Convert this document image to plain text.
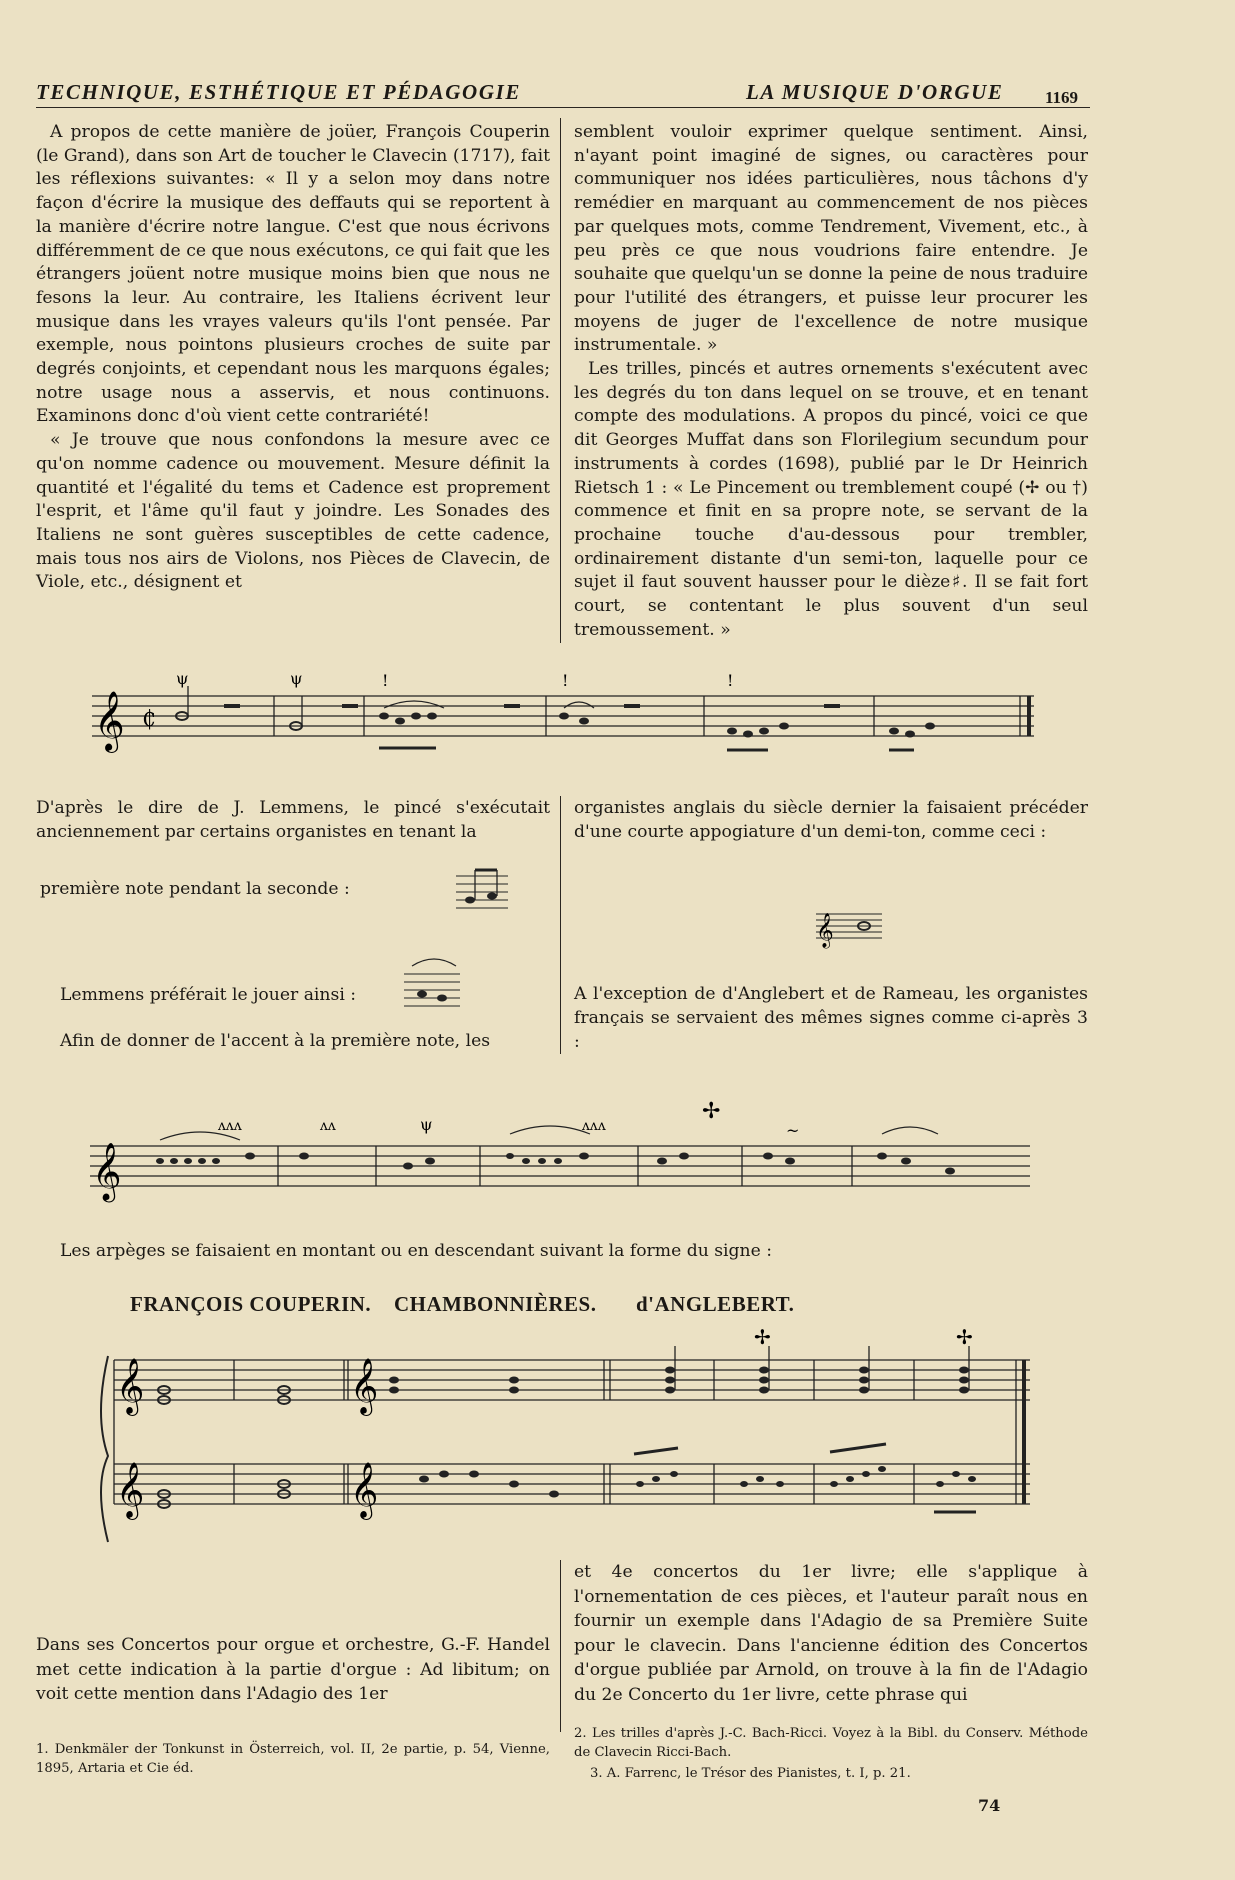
TECHNIQUE, ESTHÉTIQUE ET PÉDAGOGIE	LA MUSIQUE D'ORGUE 1169

A propos de cette manière de joüer, François Couperin (le Grand), dans son Art de toucher le Clavecin (1717), fait les réflexions suivantes: « Il y a selon moy dans notre façon d'écrire la musique des deffauts qui se reportent à la manière d'écrire notre langue. C'est que nous écrivons différemment de ce que nous exécutons, ce qui fait que les étrangers joüent notre musique moins bien que nous ne fesons la leur. Au contraire, les Italiens écrivent leur musique dans les vrayes valeurs qu'ils l'ont pensée. Par exemple, nous pointons plusieurs croches de suite par degrés conjoints, et cependant nous les marquons égales; notre usage nous a asservis, et nous continuons. Examinons donc d'où vient cette contrariété!

« Je trouve que nous confondons la mesure avec ce qu'on nomme cadence ou mouvement. Mesure définit la quantité et l'égalité du tems et Cadence est proprement l'esprit, et l'âme qu'il faut y joindre. Les Sonades des Italiens ne sont guères susceptibles de cette cadence, mais tous nos airs de Violons, nos Pièces de Clavecin, de Viole, etc., désignent et

semblent vouloir exprimer quelque sentiment. Ainsi, n'ayant point imaginé de signes, ou caractères pour communiquer nos idées particulières, nous tâchons d'y remédier en marquant au commencement de nos pièces par quelques mots, comme Tendrement, Vivement, etc., à peu près ce que nous voudrions faire entendre. Je souhaite que quelqu'un se donne la peine de nous traduire pour l'utilité des étrangers, et puisse leur procurer les moyens de juger de l'excellence de notre musique instrumentale. »

Les trilles, pincés et autres ornements s'exécutent avec les degrés du ton dans lequel on se trouve, et en tenant compte des modulations. A propos du pincé, voici ce que dit Georges Muffat dans son Florilegium secundum pour instruments à cordes (1698), publié par le Dr Heinrich Rietsch 1 : « Le Pincement ou tremblement coupé (✢ ou †) commence et finit en sa propre note, se servant de la prochaine touche d'au-dessous pour trembler, ordinairement distante d'un semi-ton, laquelle pour ce sujet il faut souvent hausser pour le dièze♯. Il se fait fort court, se contentant le plus souvent d'un seul tremoussement. »

𝄞 ₵
ψ	ψ	!	!	!
D'après le dire de J. Lemmens, le pincé s'exécutait anciennement par certains organistes en tenant la
première note pendant la seconde :
Lemmens préférait le jouer ainsi :
Afin de donner de l'accent à la première note, les
organistes anglais du siècle dernier la faisaient précéder d'une courte appogiature d'un demi-ton, comme ceci :
𝄞
A l'exception de d'Anglebert et de Rameau, les organistes français se servaient des mêmes signes comme ci-après 3 :
𝄞
ʌʌʌ	ʌʌ	ψ	ʌʌʌ
✢
~
Les arpèges se faisaient en montant ou en descendant suivant la forme du signe :
FRANÇOIS COUPERIN. CHAMBONNIÈRES. d'ANGLEBERT.
𝄞
𝄞
𝄞
𝄞
✢	✢
Dans ses Concertos pour orgue et orchestre, G.-F. Handel met cette indication à la partie d'orgue : Ad libitum; on voit cette mention dans l'Adagio des 1er
et 4e concertos du 1er livre; elle s'applique à l'ornementation de ces pièces, et l'auteur paraît nous en fournir un exemple dans l'Adagio de sa Première Suite pour le clavecin. Dans l'ancienne édition des Concertos d'orgue publiée par Arnold, on trouve à la fin de l'Adagio du 2e Concerto du 1er livre, cette phrase qui
1. Denkmäler der Tonkunst in Österreich, vol. II, 2e partie, p. 54, Vienne, 1895, Artaria et Cie éd.
2. Les trilles d'après J.-C. Bach-Ricci. Voyez à la Bibl. du Conserv. Méthode de Clavecin Ricci-Bach.
3. A. Farrenc, le Trésor des Pianistes, t. I, p. 21.
74
